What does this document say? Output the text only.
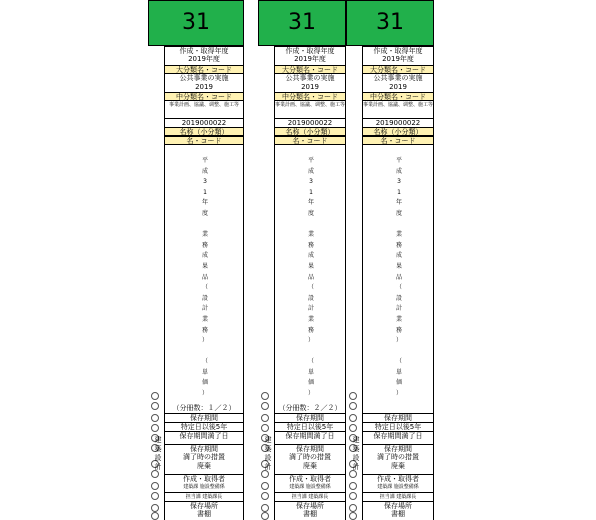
31
作成・取得年度
2019年度
大分類名・コード
公共事業の実施
2019
中分類名・コード
事業計画、協議、调整、施工等
2019000022
名称（小分類）
名・コード
（分冊数：１／２）
保存期間
特定日以後5年
保存期間満了日
保存期間
満了時の措置
廃棄
作成・取得者
建築課 施設整備係
担当課 建築課長
保存場所
書棚
平
成
3
1
年
度
業
務
成
果
品
（
設
計
業
務
）
（
単
価
）
建
築
設
計
31
作成・取得年度
2019年度
大分類名・コード
公共事業の実施
2019
中分類名・コード
事業計画、協議、调整、施工等
2019000022
名称（小分類）
名・コード
（分冊数：２／２）
保存期間
特定日以後5年
保存期間満了日
保存期間
満了時の措置
廃棄
作成・取得者
建築課 施設整備係
担当課 建築課長
保存場所
書棚
平
成
3
1
年
度
業
務
成
果
品
（
設
計
業
務
）
（
単
価
）
建
築
設
計
31
作成・取得年度
2019年度
大分類名・コード
公共事業の実施
2019
中分類名・コード
事業計画、協議、调整、施工等
2019000022
名称（小分類）
名・コード
保存期間
特定日以後5年
保存期間満了日
保存期間
満了時の措置
廃棄
作成・取得者
建築課 施設整備係
担当課 建築課長
保存場所
書棚
平
成
3
1
年
度
業
務
成
果
品
（
設
計
業
務
）
（
単
価
）
建
築
設
計
